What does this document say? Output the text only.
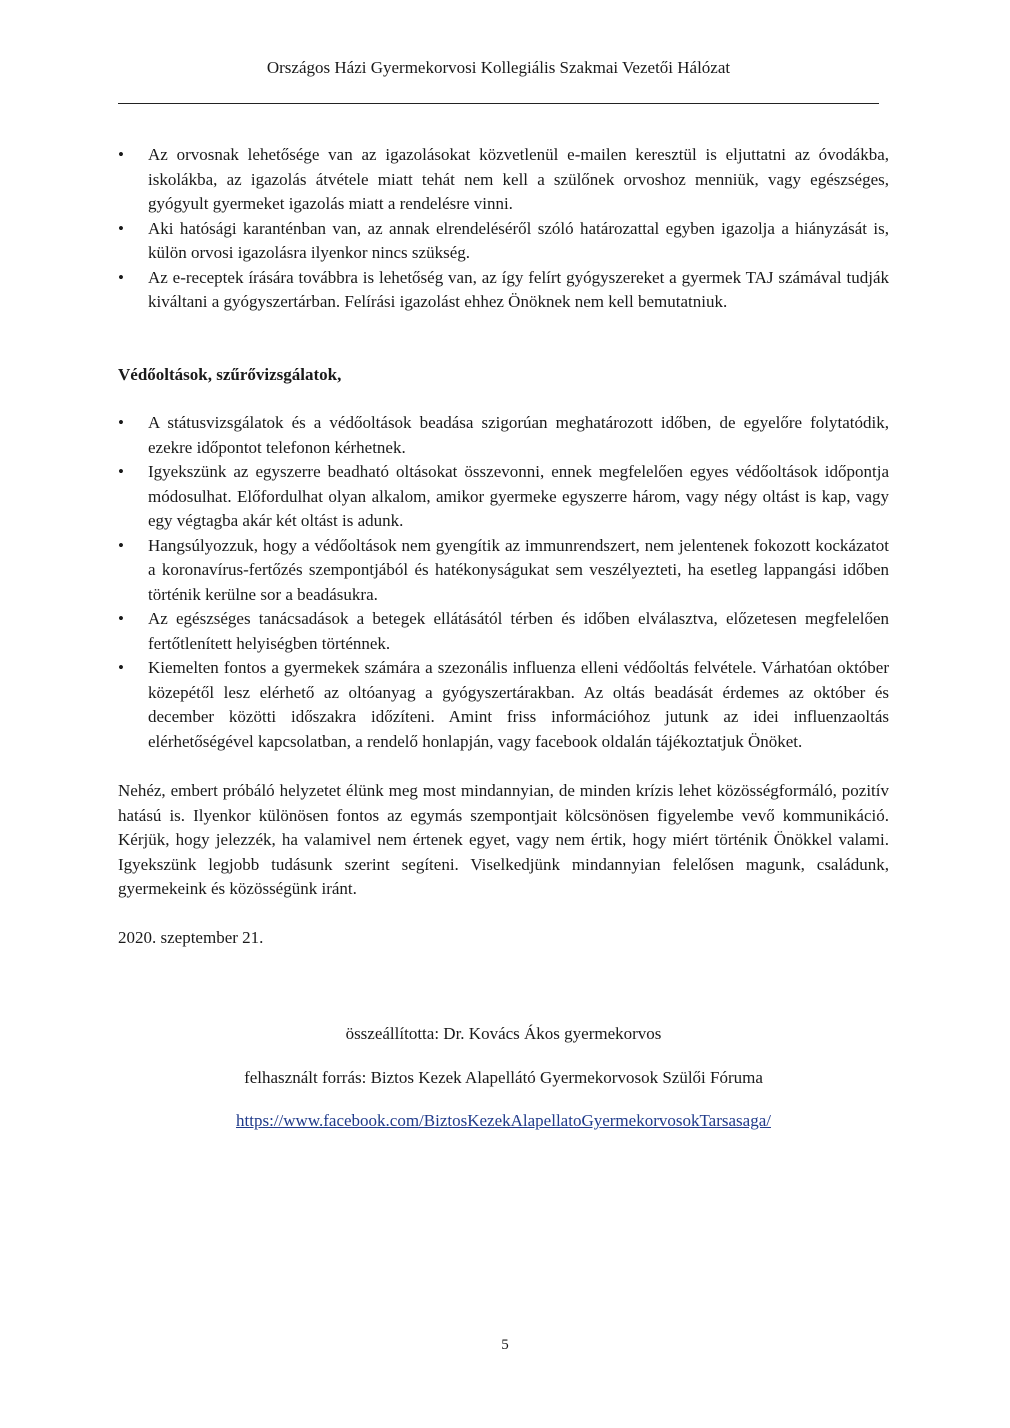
Országos Házi Gyermekorvosi Kollegiális Szakmai Vezetői Hálózat
•	Az orvosnak lehetősége van az igazolásokat közvetlenül e-mailen keresztül is eljuttatni az óvodákba, iskolákba, az igazolás átvétele miatt tehát nem kell a szülőnek orvoshoz menniük, vagy egészséges, gyógyult gyermeket igazolás miatt a rendelésre vinni.
•	Aki hatósági karanténban van, az annak elrendeléséről szóló határozattal egyben igazolja a hiányzását is, külön orvosi igazolásra ilyenkor nincs szükség.
•	Az e-receptek írására továbbra is lehetőség van, az így felírt gyógyszereket a gyermek TAJ számával tudják kiváltani a gyógyszertárban. Felírási igazolást ehhez Önöknek nem kell bemutatniuk.

Védőoltások, szűrővizsgálatok,

•	A státusvizsgálatok és a védőoltások beadása szigorúan meghatározott időben, de egyelőre folytatódik, ezekre időpontot telefonon kérhetnek.
•	Igyekszünk az egyszerre beadható oltásokat összevonni, ennek megfelelően egyes védőoltások időpontja módosulhat. Előfordulhat olyan alkalom, amikor gyermeke egyszerre három, vagy négy oltást is kap, vagy egy végtagba akár két oltást is adunk.
•	Hangsúlyozzuk, hogy a védőoltások nem gyengítik az immunrendszert, nem jelentenek fokozott kockázatot a koronavírus-fertőzés szempontjából és hatékonyságukat sem veszélyezteti, ha esetleg lappangási időben történik kerülne sor a beadásukra.
•	Az egészséges tanácsadások a betegek ellátásától térben és időben elválasztva, előzetesen megfelelően fertőtlenített helyiségben történnek.
•	Kiemelten fontos a gyermekek számára a szezonális influenza elleni védőoltás felvétele. Várhatóan október közepétől lesz elérhető az oltóanyag a gyógyszertárakban. Az oltás beadását érdemes az október és december közötti időszakra időzíteni. Amint friss információhoz jutunk az idei influenzaoltás elérhetőségével kapcsolatban, a rendelő honlapján, vagy facebook oldalán tájékoztatjuk Önöket.

Nehéz, embert próbáló helyzetet élünk meg most mindannyian, de minden krízis lehet közösségformáló, pozitív hatású is. Ilyenkor különösen fontos az egymás szempontjait kölcsönösen figyelembe vevő kommunikáció. Kérjük, hogy jelezzék, ha valamivel nem értenek egyet, vagy nem értik, hogy miért történik Önökkel valami. Igyekszünk legjobb tudásunk szerint segíteni. Viselkedjünk mindannyian felelősen magunk, családunk, gyermekeink és közösségünk iránt.

2020. szeptember 21.

összeállította: Dr. Kovács Ákos gyermekorvos
felhasznált forrás: Biztos Kezek Alapellátó Gyermekorvosok Szülői Fóruma
https://www.facebook.com/BiztosKezekAlapellatoGyermekorvosokTarsasaga/
5
